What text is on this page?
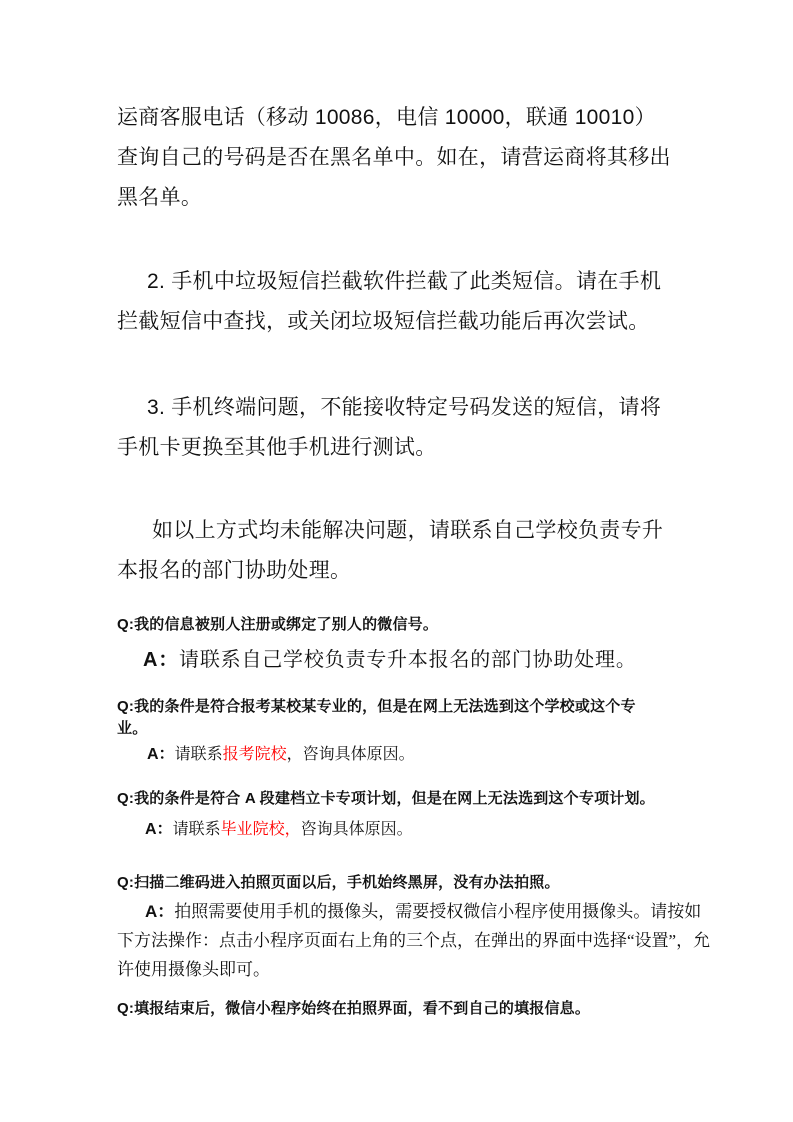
运商客服电话（移动 10086，电信 10000，联通 10010）
查询自己的号码是否在黑名单中。如在，请营运商将其移出
黑名单。
2. 手机中垃圾短信拦截软件拦截了此类短信。请在手机
拦截短信中查找，或关闭垃圾短信拦截功能后再次尝试。
3. 手机终端问题，不能接收特定号码发送的短信，请将
手机卡更换至其他手机进行测试。
如以上方式均未能解决问题，请联系自己学校负责专升
本报名的部门协助处理。
Q:我的信息被别人注册或绑定了别人的微信号。
A：请联系自己学校负责专升本报名的部门协助处理。
Q:我的条件是符合报考某校某专业的，但是在网上无法选到这个学校或这个专
业。
A：请联系报考院校，咨询具体原因。
Q:我的条件是符合 A 段建档立卡专项计划，但是在网上无法选到这个专项计划。
A：请联系毕业院校，咨询具体原因。
Q:扫描二维码进入拍照页面以后，手机始终黑屏，没有办法拍照。
A：拍照需要使用手机的摄像头，需要授权微信小程序使用摄像头。请按如
下方法操作：点击小程序页面右上角的三个点，在弹出的界面中选择“设置”，允
许使用摄像头即可。
Q:填报结束后，微信小程序始终在拍照界面，看不到自己的填报信息。
